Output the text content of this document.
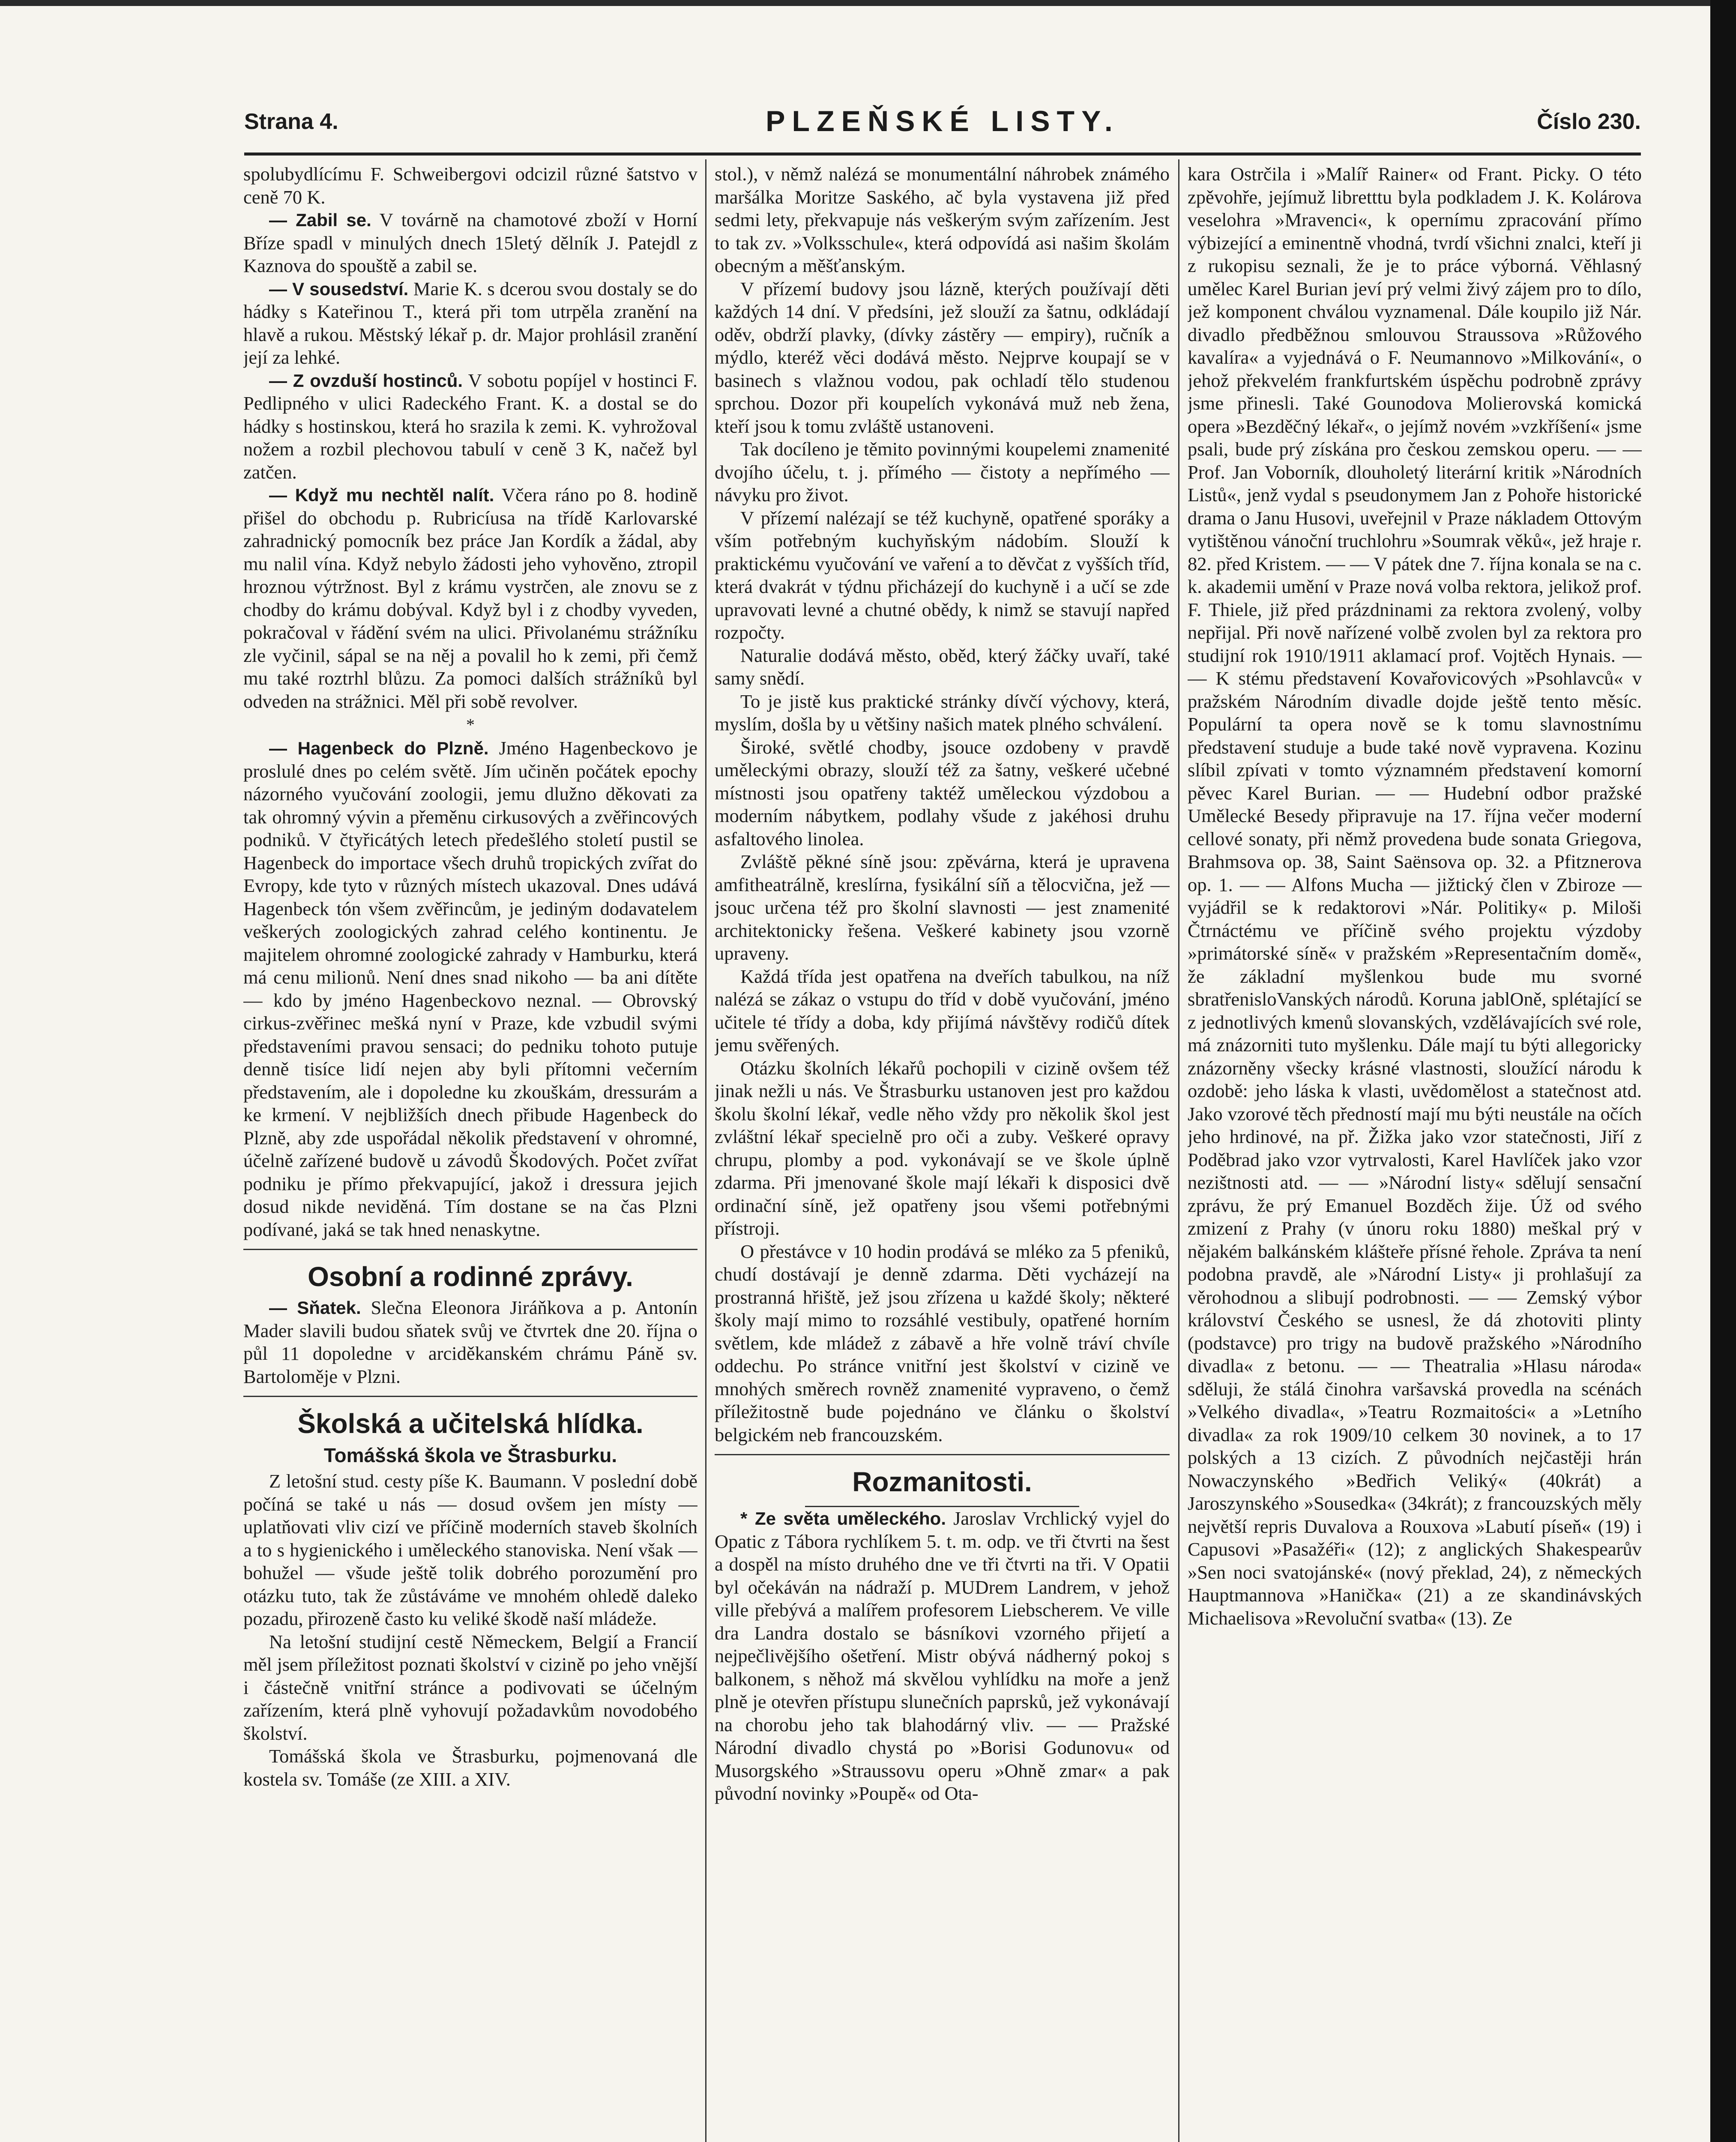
Strana 4.	PLZEŇSKÉ LISTY.	Číslo 230.

spolubydlícímu F. Schweibergovi odcizil různé šatstvo v ceně 70 K.

— Zabil se. V továrně na chamotové zboží v Horní Bříze spadl v minulých dnech 15letý dělník J. Patejdl z Kaznova do spouště a zabil se.

— V sousedství. Marie K. s dcerou svou dostaly se do hádky s Kateřinou T., která při tom utrpěla zranění na hlavě a rukou. Městský lékař p. dr. Major prohlásil zranění její za lehké.

— Z ovzduší hostinců. V sobotu popíjel v hostinci F. Pedlipného v ulici Radeckého Frant. K. a dostal se do hádky s hostinskou, která ho srazila k zemi. K. vyhrožoval nožem a rozbil plechovou tabulí v ceně 3 K, načež byl zatčen.

— Když mu nechtěl nalít. Včera ráno po 8. hodině přišel do obchodu p. Rubricíusa na třídě Karlovarské zahradnický pomocník bez práce Jan Kordík a žádal, aby mu nalil vína. Když nebylo žádosti jeho vyhověno, ztropil hroznou výtržnost. Byl z krámu vystrčen, ale znovu se z chodby do krámu dobýval. Když byl i z chodby vyveden, pokračoval v řádění svém na ulici. Přivolanému strážníku zle vyčinil, sápal se na něj a povalil ho k zemi, při čemž mu také roztrhl blůzu. Za pomoci dalších strážníků byl odveden na strážnici. Měl při sobě revolver.

*

— Hagenbeck do Plzně. Jméno Hagenbeckovo je proslulé dnes po celém světě. Jím učiněn počátek epochy názorného vyučování zoologii, jemu dlužno děkovati za tak ohromný vývin a přeměnu cirkusových a zvěřincových podniků. V čtyřicátých letech předešlého století pustil se Hagenbeck do importace všech druhů tropických zvířat do Evropy, kde tyto v různých místech ukazoval. Dnes udává Hagenbeck tón všem zvěřincům, je jediným dodavatelem veškerých zoologických zahrad celého kontinentu. Je majitelem ohromné zoologické zahrady v Hamburku, která má cenu milionů. Není dnes snad nikoho — ba ani dítěte — kdo by jméno Hagenbeckovo neznal. — Obrovský cirkus-zvěřinec mešká nyní v Praze, kde vzbudil svými představeními pravou sensaci; do pedniku tohoto putuje denně tisíce lidí nejen aby byli přítomni večerním představením, ale i dopoledne ku zkouškám, dressurám a ke krmení. V nejbližších dnech přibude Hagenbeck do Plzně, aby zde uspořádal několik představení v ohromné, účelně zařízené budově u závodů Škodových. Počet zvířat podniku je přímo překvapující, jakož i dressura jejich dosud nikde neviděná. Tím dostane se na čas Plzni podívané, jaká se tak hned nenaskytne.

Osobní a rodinné zprávy.

— Sňatek. Slečna Eleonora Jiráňkova a p. Antonín Mader slavili budou sňatek svůj ve čtvrtek dne 20. října o půl 11 dopoledne v arciděkanském chrámu Páně sv. Bartoloměje v Plzni.

Školská a učitelská hlídka.
Tomášská škola ve Štrasburku.

Z letošní stud. cesty píše K. Baumann. V poslední době počíná se také u nás — dosud ovšem jen místy — uplatňovati vliv cizí ve příčině moderních staveb školních a to s hygienického i uměleckého stanoviska. Není však — bohužel — všude ještě tolik dobrého porozumění pro otázku tuto, tak že zůstáváme ve mnohém ohledě daleko pozadu, přirozeně často ku veliké škodě naší mládeže.

Na letošní studijní cestě Německem, Belgií a Francií měl jsem příležitost poznati školství v cizině po jeho vnější i částečně vnitřní stránce a podivovati se účelným zařízením, která plně vyhovují požadavkům novodobého školství.

Tomášská škola ve Štrasburku, pojmenovaná dle kostela sv. Tomáše (ze XIII. a XIV.

stol.), v němž nalézá se monumentální náhrobek známého maršálka Moritze Saského, ač byla vystavena již před sedmi lety, překvapuje nás veškerým svým zařízením. Jest to tak zv. »Volksschule«, která odpovídá asi našim školám obecným a měšťanským.

V přízemí budovy jsou lázně, kterých používají děti každých 14 dní. V předsíni, jež slouží za šatnu, odkládají oděv, obdrží plavky, (dívky zástěry — empiry), ručník a mýdlo, kteréž věci dodává město. Nejprve koupají se v basinech s vlažnou vodou, pak ochladí tělo studenou sprchou. Dozor při koupelích vykonává muž neb žena, kteří jsou k tomu zvláště ustanoveni.

Tak docíleno je těmito povinnými koupelemi znamenité dvojího účelu, t. j. přímého — čistoty a nepřímého — návyku pro život.

V přízemí nalézají se též kuchyně, opatřené sporáky a vším potřebným kuchyňským nádobím. Slouží k praktickému vyučování ve vaření a to děvčat z vyšších tříd, která dvakrát v týdnu přicházejí do kuchyně i a učí se zde upravovati levné a chutné obědy, k nimž se stavují napřed rozpočty.

Naturalie dodává město, oběd, který žáčky uvaří, také samy snědí.

To je jistě kus praktické stránky dívčí výchovy, která, myslím, došla by u většiny našich matek plného schválení.

Široké, světlé chodby, jsouce ozdobeny v pravdě uměleckými obrazy, slouží též za šatny, veškeré učebné místnosti jsou opatřeny taktéž uměleckou výzdobou a moderním nábytkem, podlahy všude z jakéhosi druhu asfaltového linolea.

Zvláště pěkné síně jsou: zpěvárna, která je upravena amfitheatrálně, kreslírna, fysikální síň a tělocvična, jež — jsouc určena též pro školní slavnosti — jest znamenité architektonicky řešena. Veškeré kabinety jsou vzorně upraveny.

Každá třída jest opatřena na dveřích tabulkou, na níž nalézá se zákaz o vstupu do tříd v době vyučování, jméno učitele té třídy a doba, kdy přijímá návštěvy rodičů dítek jemu svěřených.

Otázku školních lékařů pochopili v cizině ovšem též jinak nežli u nás. Ve Štrasburku ustanoven jest pro každou školu školní lékař, vedle něho vždy pro několik škol jest zvláštní lékař specielně pro oči a zuby. Veškeré opravy chrupu, plomby a pod. vykonávají se ve škole úplně zdarma. Při jmenované škole mají lékaři k disposici dvě ordinační síně, jež opatřeny jsou všemi potřebnými přístroji.

O přestávce v 10 hodin prodává se mléko za 5 pfeniků, chudí dostávají je denně zdarma. Děti vycházejí na prostranná hřiště, jež jsou zřízena u každé školy; některé školy mají mimo to rozsáhlé vestibuly, opatřené horním světlem, kde mládež z zábavě a hře volně tráví chvíle oddechu. Po stránce vnitřní jest školství v cizině ve mnohých směrech rovněž znamenité vypraveno, o čemž příležitostně bude pojednáno ve článku o školství belgickém neb francouzském.

Rozmanitosti.

* Ze světa uměleckého. Jaroslav Vrchlický vyjel do Opatic z Tábora rychlíkem 5. t. m. odp. ve tři čtvrti na šest a dospěl na místo druhého dne ve tři čtvrti na tři. V Opatii byl očekáván na nádraží p. MUDrem Landrem, v jehož ville přebývá a malířem profesorem Liebscherem. Ve ville dra Landra dostalo se básníkovi vzorného přijetí a nejpečlivějšího ošetření. Mistr obývá nádherný pokoj s balkonem, s něhož má skvělou vyhlídku na moře a jenž plně je otevřen přístupu slunečních paprsků, jež vykonávají na chorobu jeho tak blahodárný vliv. — — Pražské Národní divadlo chystá po »Borisi Godunovu« od Musorgského »Straussovu operu »Ohně zmar« a pak původní novinky »Poupě« od Ota-

kara Ostrčila i »Malíř Rainer« od Frant. Picky. O této zpěvohře, jejímuž libretttu byla podkladem J. K. Kolárova veselohra »Mravenci«, k opernímu zpracování přímo výbizející a eminentně vhodná, tvrdí všichni znalci, kteří ji z rukopisu seznali, že je to práce výborná. Věhlasný umělec Karel Burian jeví prý velmi živý zájem pro to dílo, jež komponent chválou vyznamenal. Dále koupilo již Nár. divadlo předběžnou smlouvou Straussova »Růžového kavalíra« a vyjednává o F. Neumannovo »Milkování«, o jehož překvelém frankfurtském úspěchu podrobně zprávy jsme přinesli. Také Gounodova Molierovská komická opera »Bezděčný lékař«, o jejímž novém »vzkříšení« jsme psali, bude prý získána pro českou zemskou operu. — — Prof. Jan Voborník, dlouholetý literární kritik »Národních Listů«, jenž vydal s pseudonymem Jan z Pohoře historické drama o Janu Husovi, uveřejnil v Praze nákladem Ottovým vytištěnou vánoční truchlohru »Soumrak věků«, jež hraje r. 82. před Kristem. — — V pátek dne 7. října konala se na c. k. akademii umění v Praze nová volba rektora, jelikož prof. F. Thiele, již před prázdninami za rektora zvolený, volby nepřijal. Při nově nařízené volbě zvolen byl za rektora pro studijní rok 1910/1911 aklamací prof. Vojtěch Hynais. — — K stému představení Kovařovicových »Psohlavců« v pražském Národním divadle dojde ještě tento měsíc. Populární ta opera nově se k tomu slavnostnímu představení studuje a bude také nově vypravena. Kozinu slíbil zpívati v tomto významném představení komorní pěvec Karel Burian. — — Hudební odbor pražské Umělecké Besedy připravuje na 17. října večer moderní cellové sonaty, při němž provedena bude sonata Griegova, Brahmsova op. 38, Saint Saënsova op. 32. a Pfitznerova op. 1. — — Alfons Mucha — jižtický člen v Zbiroze — vyjádřil se k redaktorovi »Nár. Politiky« p. Miloši Čtrnáctému ve příčině svého projektu výzdoby »primátorské síně« v pražském »Representačním domě«, že základní myšlenkou bude mu svorné sbratřenisloVanských národů. Koruna jablOně, splétající se z jednotlivých kmenů slovanských, vzdělávajících své role, má znázorniti tuto myšlenku. Dále mají tu býti allegoricky znázorněny všecky krásné vlastnosti, sloužící národu k ozdobě: jeho láska k vlasti, uvědomělost a statečnost atd. Jako vzorové těch předností mají mu býti neustále na očích jeho hrdinové, na př. Žižka jako vzor statečnosti, Jiří z Poděbrad jako vzor vytrvalosti, Karel Havlíček jako vzor nezištnosti atd. — — »Národní listy« sdělují sensační zprávu, že prý Emanuel Bozděch žije. Úž od svého zmizení z Prahy (v únoru roku 1880) meškal prý v nějakém balkánském klášteře přísné řehole. Zpráva ta není podobna pravdě, ale »Národní Listy« ji prohlašují za věrohodnou a slibují podrobnosti. — — Zemský výbor království Českého se usnesl, že dá zhotoviti plinty (podstavce) pro trigy na budově pražského »Národního divadla« z betonu. — — Theatralia »Hlasu národa« sděluji, že stálá činohra varšavská provedla na scénách »Velkého divadla«, »Teatru Rozmaitości« a »Letního divadla« za rok 1909/10 celkem 30 novinek, a to 17 polských a 13 cizích. Z původních nejčastěji hrán Nowaczynského »Bedřich Veliký« (40krát) a Jaroszynského »Sousedka« (34krát); z francouzských měly největší repris Duvalova a Rouxova »Labutí píseň« (19) i Capusovi »Pasažéři« (12); z anglických Shakespearův »Sen noci svatojánské« (nový překlad, 24), z německých Hauptmannova »Hanička« (21) a ze skandinávských Michaelisova »Revoluční svatba« (13). Ze
